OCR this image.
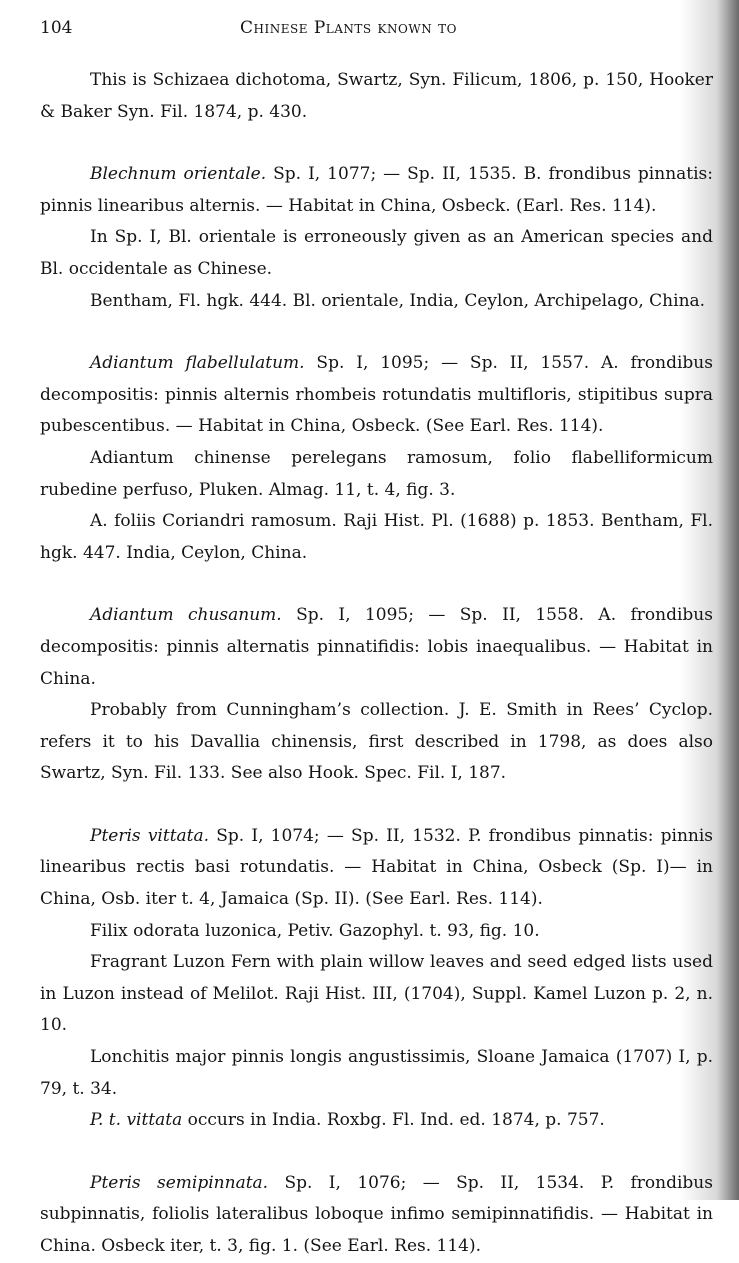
104	Chinese Plants known to

This is Schizaea dichotoma, Swartz, Syn. Filicum, 1806, p. 150, Hooker & Baker Syn. Fil. 1874, p. 430.

Blechnum orientale. Sp. I, 1077; — Sp. II, 1535. B. frondibus pinnatis: pinnis linearibus alternis. — Habitat in China, Osbeck. (Earl. Res. 114).

In Sp. I, Bl. orientale is erroneously given as an American species and Bl. occidentale as Chinese.

Bentham, Fl. hgk. 444. Bl. orientale, India, Ceylon, Archipelago, China.

Adiantum flabellulatum. Sp. I, 1095; — Sp. II, 1557. A. frondibus decompositis: pinnis alternis rhombeis rotundatis multifloris, stipitibus supra pubescentibus. — Habitat in China, Osbeck. (See Earl. Res. 114).

Adiantum chinense perelegans ramosum, folio flabelliformicum rubedine perfuso, Pluken. Almag. 11, t. 4, fig. 3.

A. foliis Coriandri ramosum. Raji Hist. Pl. (1688) p. 1853. Bentham, Fl. hgk. 447. India, Ceylon, China.

Adiantum chusanum. Sp. I, 1095; — Sp. II, 1558. A. frondibus decompositis: pinnis alternatis pinnatifidis: lobis inaequalibus. — Habitat in China.

Probably from Cunningham’s collection. J. E. Smith in Rees’ Cyclop. refers it to his Davallia chinensis, first described in 1798, as does also Swartz, Syn. Fil. 133. See also Hook. Spec. Fil. I, 187.

Pteris vittata. Sp. I, 1074; — Sp. II, 1532. P. frondibus pinnatis: pinnis linearibus rectis basi rotundatis. — Habitat in China, Osbeck (Sp. I)— in China, Osb. iter t. 4, Jamaica (Sp. II). (See Earl. Res. 114).

Filix odorata luzonica, Petiv. Gazophyl. t. 93, fig. 10.

Fragrant Luzon Fern with plain willow leaves and seed edged lists used in Luzon instead of Melilot. Raji Hist. III, (1704), Suppl. Kamel Luzon p. 2, n. 10.

Lonchitis major pinnis longis angustissimis, Sloane Jamaica (1707) I, p. 79, t. 34.

P. t. vittata occurs in India. Roxbg. Fl. Ind. ed. 1874, p. 757.

Pteris semipinnata. Sp. I, 1076; — Sp. II, 1534. P. frondibus subpinnatis, foliolis lateralibus loboque infimo semipinnatifidis. — Habitat in China. Osbeck iter, t. 3, fig. 1. (See Earl. Res. 114).
